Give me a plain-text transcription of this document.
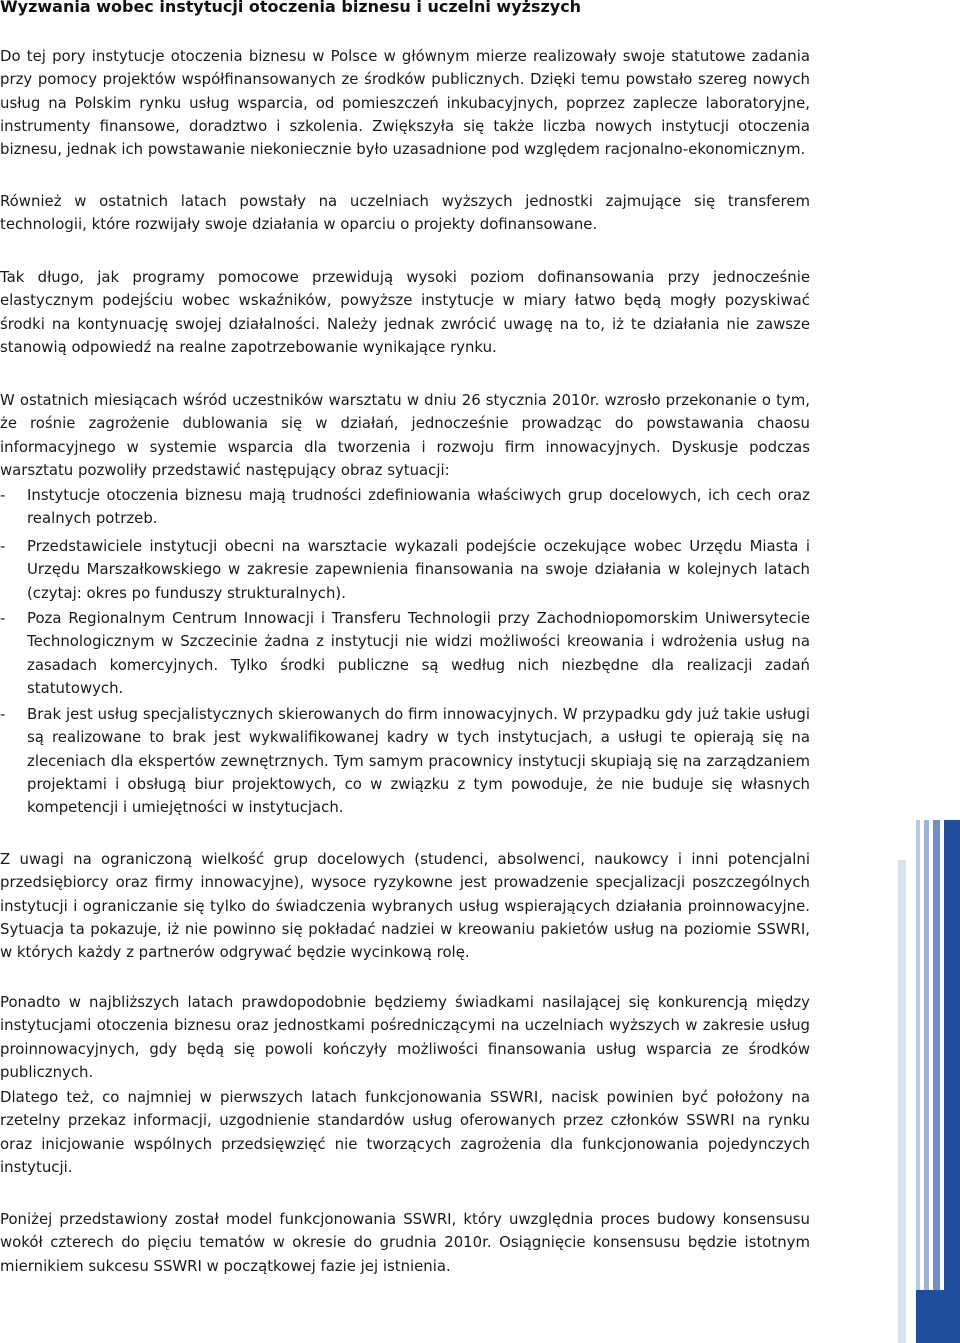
Wyzwania wobec instytucji otoczenia biznesu i uczelni wyższych

Do tej pory instytucje otoczenia biznesu w Polsce w głównym mierze realizowały swoje statutowe zadania przy pomocy projektów współfinansowanych ze środków publicznych. Dzięki temu powstało szereg nowych usług na Polskim rynku usług wsparcia, od pomieszczeń inkubacyjnych, poprzez zaplecze laboratoryjne, instrumenty finansowe, doradztwo i szkolenia. Zwiększyła się także liczba nowych instytucji otoczenia biznesu, jednak ich powstawanie niekoniecznie było uzasadnione pod względem racjonalno-ekonomicznym.

Również w ostatnich latach powstały na uczelniach wyższych jednostki zajmujące się transferem technologii, które rozwijały swoje działania w oparciu o projekty dofinansowane.

Tak długo, jak programy pomocowe przewidują wysoki poziom dofinansowania przy jednocześnie elastycznym podejściu wobec wskaźników, powyższe instytucje w miary łatwo będą mogły pozyskiwać środki na kontynuację swojej działalności. Należy jednak zwrócić uwagę na to, iż te działania nie zawsze stanowią odpowiedź na realne zapotrzebowanie wynikające rynku.

W ostatnich miesiącach wśród uczestników warsztatu w dniu 26 stycznia 2010r. wzrosło przekonanie o tym, że rośnie zagrożenie dublowania się w działań, jednocześnie prowadząc do powstawania chaosu informacyjnego w systemie wsparcia dla tworzenia i rozwoju firm innowacyjnych. Dyskusje podczas warsztatu pozwoliły przedstawić następujący obraz sytuacji:

- Instytucje otoczenia biznesu mają trudności zdefiniowania właściwych grup docelowych, ich cech oraz realnych potrzeb.
- Przedstawiciele instytucji obecni na warsztacie wykazali podejście oczekujące wobec Urzędu Miasta i Urzędu Marszałkowskiego w zakresie zapewnienia finansowania na swoje działania w kolejnych latach (czytaj: okres po funduszy strukturalnych).
- Poza Regionalnym Centrum Innowacji i Transferu Technologii przy Zachodniopomorskim Uniwersytecie Technologicznym w Szczecinie żadna z instytucji nie widzi możliwości kreowania i wdrożenia usług na zasadach komercyjnych. Tylko środki publiczne są według nich niezbędne dla realizacji zadań statutowych.
- Brak jest usług specjalistycznych skierowanych do firm innowacyjnych. W przypadku gdy już takie usługi są realizowane to brak jest wykwalifikowanej kadry w tych instytucjach, a usługi te opierają się na zleceniach dla ekspertów zewnętrznych. Tym samym pracownicy instytucji skupiają się na zarządzaniem projektami i obsługą biur projektowych, co w związku z tym powoduje, że nie buduje się własnych kompetencji i umiejętności w instytucjach.

Z uwagi na ograniczoną wielkość grup docelowych (studenci, absolwenci, naukowcy i inni potencjalni przedsiębiorcy oraz firmy innowacyjne), wysoce ryzykowne jest prowadzenie specjalizacji poszczególnych instytucji i ograniczanie się tylko do świadczenia wybranych usług wspierających działania proinnowacyjne. Sytuacja ta pokazuje, iż nie powinno się pokładać nadziei w kreowaniu pakietów usług na poziomie SSWRI, w których każdy z partnerów odgrywać będzie wycinkową rolę.

Ponadto w najbliższych latach prawdopodobnie będziemy świadkami nasilającej się konkurencją między instytucjami otoczenia biznesu oraz jednostkami pośredniczącymi na uczelniach wyższych w zakresie usług proinnowacyjnych, gdy będą się powoli kończyły możliwości finansowania usług wsparcia ze środków publicznych.

Dlatego też, co najmniej w pierwszych latach funkcjonowania SSWRI, nacisk powinien być położony na rzetelny przekaz informacji, uzgodnienie standardów usług oferowanych przez członków SSWRI na rynku oraz inicjowanie wspólnych przedsięwzięć nie tworzących zagrożenia dla funkcjonowania pojedynczych instytucji.

Poniżej przedstawiony został model funkcjonowania SSWRI, który uwzględnia proces budowy konsensusu wokół czterech do pięciu tematów w okresie do grudnia 2010r. Osiągnięcie konsensusu będzie istotnym miernikiem sukcesu SSWRI w początkowej fazie jej istnienia.

11
